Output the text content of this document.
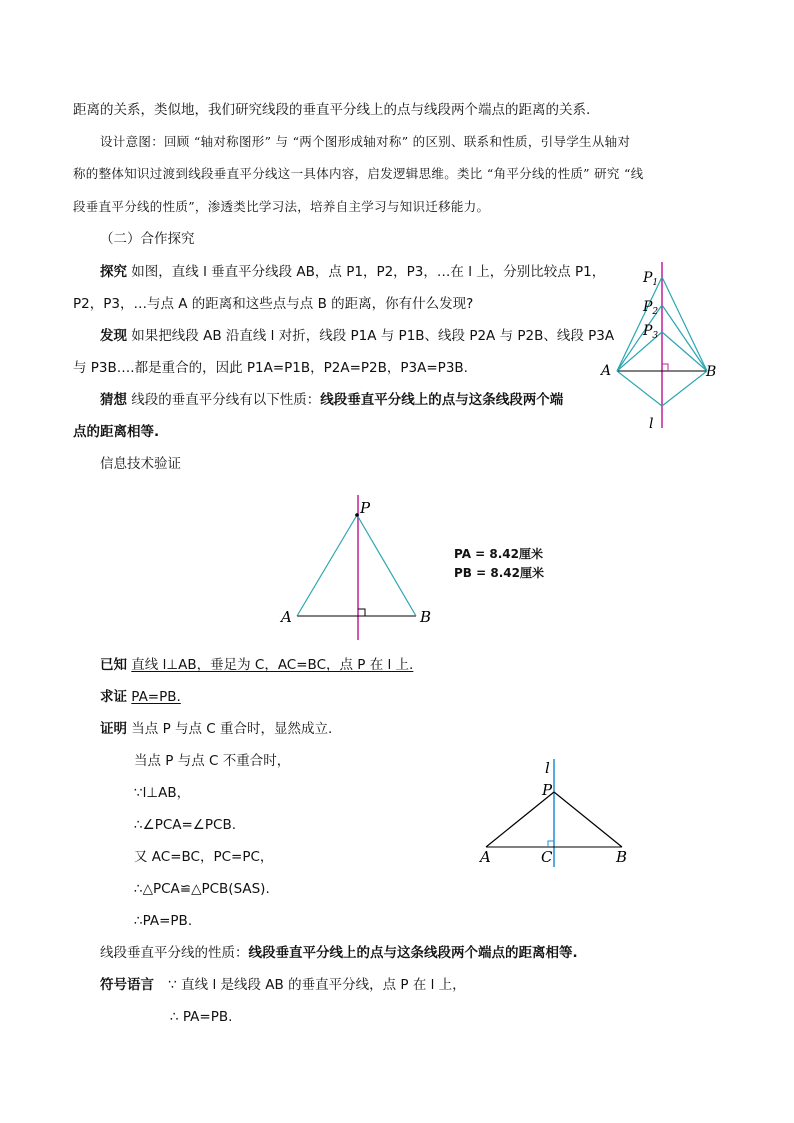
距离的关系，类似地，我们研究线段的垂直平分线上的点与线段两个端点的距离的关系.
设计意图：回顾 “轴对称图形” 与 “两个图形成轴对称” 的区别、联系和性质，引导学生从轴对
称的整体知识过渡到线段垂直平分线这一具体内容，启发逻辑思维。类比 “角平分线的性质” 研究 “线
段垂直平分线的性质”，渗透类比学习法，培养自主学习与知识迁移能力。
（二）合作探究
探究 如图，直线 l 垂直平分线段 AB，点 P1，P2，P3，…在 l 上，分别比较点 P1，
P2，P3，…与点 A 的距离和这些点与点 B 的距离，你有什么发现?
发现 如果把线段 AB 沿直线 l 对折，线段 P1A 与 P1B、线段 P2A 与 P2B、线段 P3A
与 P3B….都是重合的，因此 P1A=P1B，P2A=P2B，P3A=P3B.
猜想 线段的垂直平分线有以下性质：线段垂直平分线上的点与这条线段两个端
点的距离相等.
信息技术验证
已知 直线 l⊥AB，垂足为 C，AC=BC，点 P 在 l 上.
求证 PA=PB.
证明 当点 P 与点 C 重合时，显然成立.
当点 P 与点 C 不重合时，
∵l⊥AB，
∴∠PCA=∠PCB.
又 AC=BC，PC=PC，
∴△PCA≌△PCB(SAS).
∴PA=PB.
线段垂直平分线的性质：线段垂直平分线上的点与这条线段两个端点的距离相等.
符号语言 ∵ 直线 l 是线段 AB 的垂直平分线，点 P 在 l 上，
∴ PA=PB.
$P_1$
$P_2$
$P_3$
A	B
l
P
A	B
PA = 8.42厘米
PB = 8.42厘米
l
P
A	C	B
